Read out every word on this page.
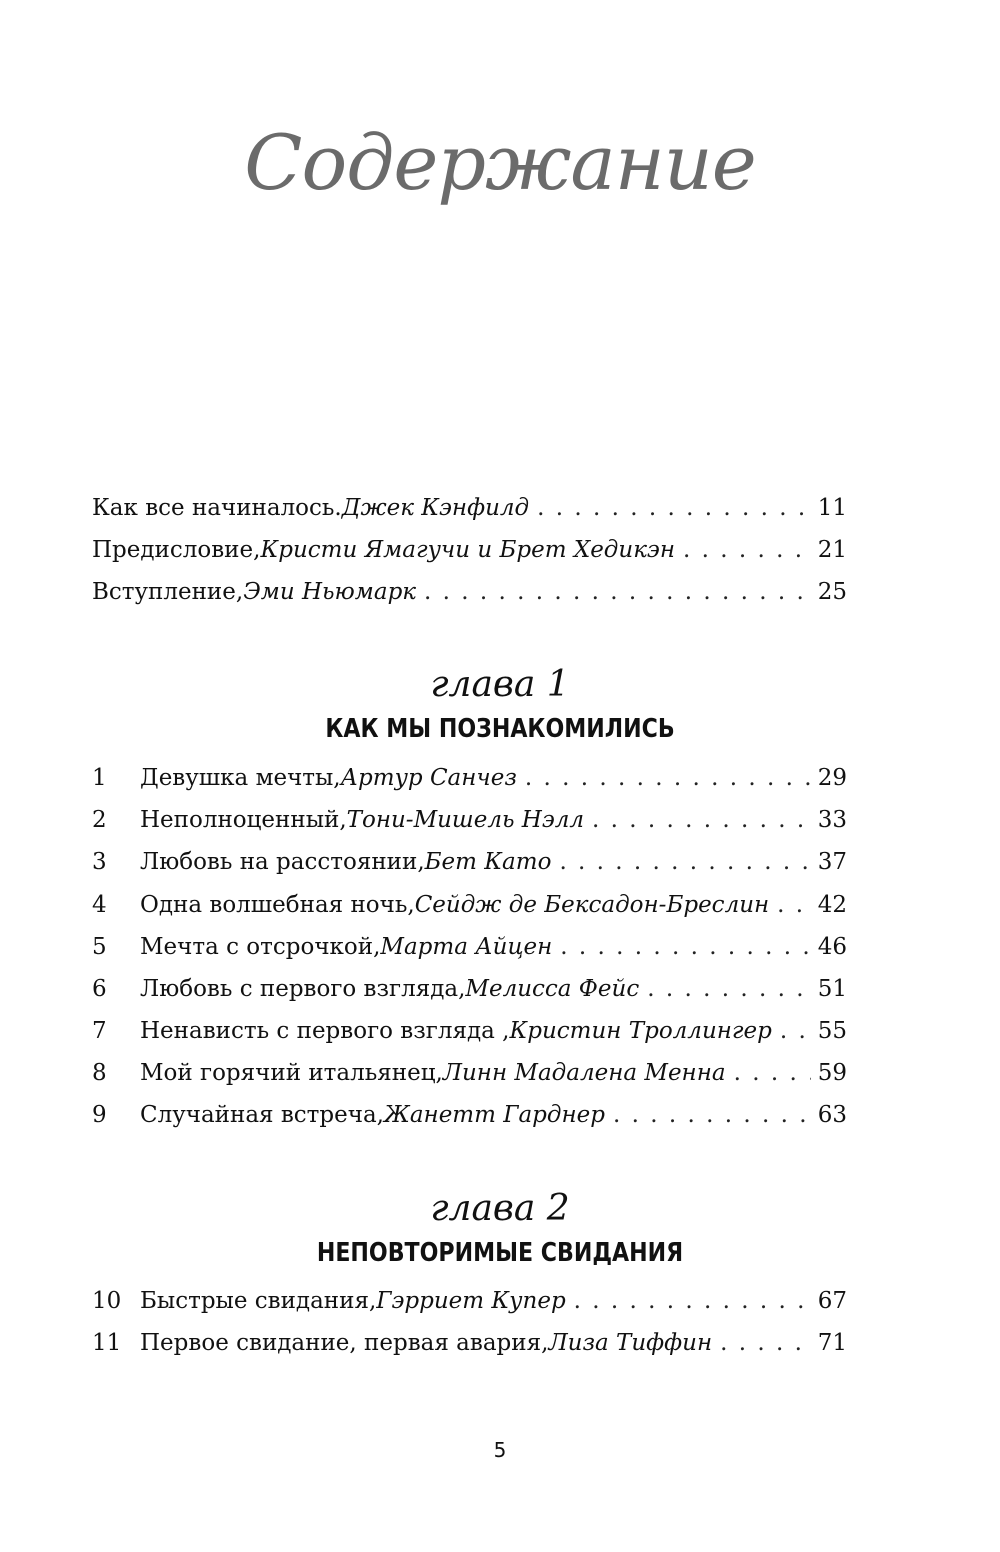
Содержание
Как все начиналось. Джек Кэнфилд . . .	11
Предисловие, Кристи Ямагучи и Брет Хедикэн . . .	21
Вступление, Эми Ньюмарк . . .	25
глава 1
КАК МЫ ПОЗНАКОМИЛИСЬ
1	Девушка мечты, Артур Санчез . . .	29
2	Неполноценный, Тони-Мишель Нэлл . . .	33
3	Любовь на расстоянии, Бет Като . . .	37
4	Одна волшебная ночь, Сейдж де Бексадон-Бреслин . . . 42
5	Мечта с отсрочкой, Марта Айцен . . .	46
6	Любовь с первого взгляда, Мелисса Фейс . . .	51
7	Ненависть с первого взгляда , Кристин Троллингер . . . 55
8	Мой горячий итальянец, Линн Мадалена Менна . . .	59
9	Случайная встреча, Жанетт Гарднер . . .	63
глава 2
НЕПОВТОРИМЫЕ СВИДАНИЯ
10 Быстрые свидания, Гэрриет Купер . . .	67
11 Первое свидание, первая авария, Лиза Тиффин . . .	71
5
